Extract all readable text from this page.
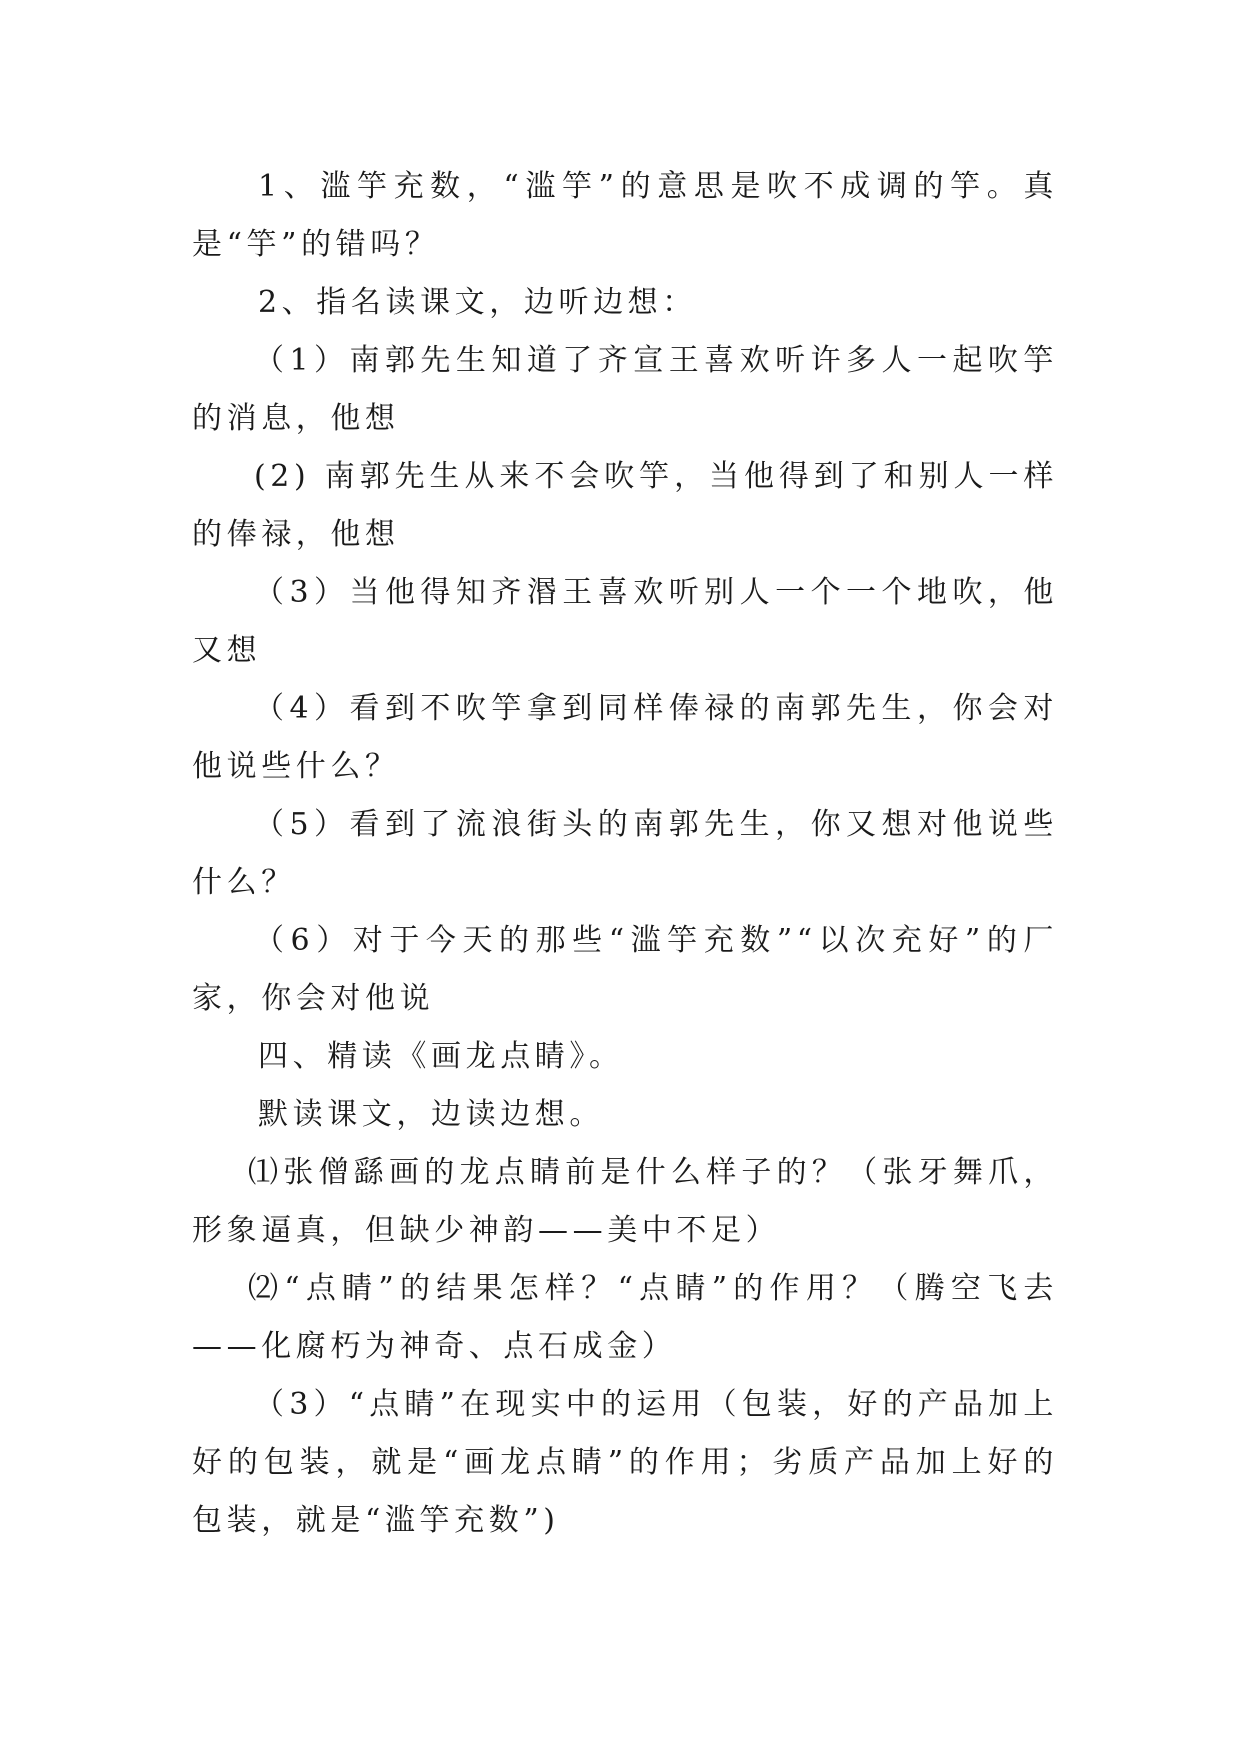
1、滥竽充数，“滥竽”的意思是吹不成调的竽。真是“竽”的错吗？

2、指名读课文，边听边想：

（1）南郭先生知道了齐宣王喜欢听许多人一起吹竽的消息，他想

(2) 南郭先生从来不会吹竽，当他得到了和别人一样的俸禄，他想

（3）当他得知齐湣王喜欢听别人一个一个地吹，他又想

（4）看到不吹竽拿到同样俸禄的南郭先生，你会对他说些什么？

（5）看到了流浪街头的南郭先生，你又想对他说些什么？

（6）对于今天的那些“滥竽充数”“以次充好”的厂家，你会对他说

四、精读《画龙点睛》。

默读课文，边读边想。

⑴张僧繇画的龙点睛前是什么样子的？（张牙舞爪，形象逼真，但缺少神韵——美中不足）

⑵“点睛”的结果怎样？“点睛”的作用？（腾空飞去——化腐朽为神奇、点石成金）

（3）“点睛”在现实中的运用（包装，好的产品加上好的包装，就是“画龙点睛”的作用；劣质产品加上好的包装，就是“滥竽充数”)
